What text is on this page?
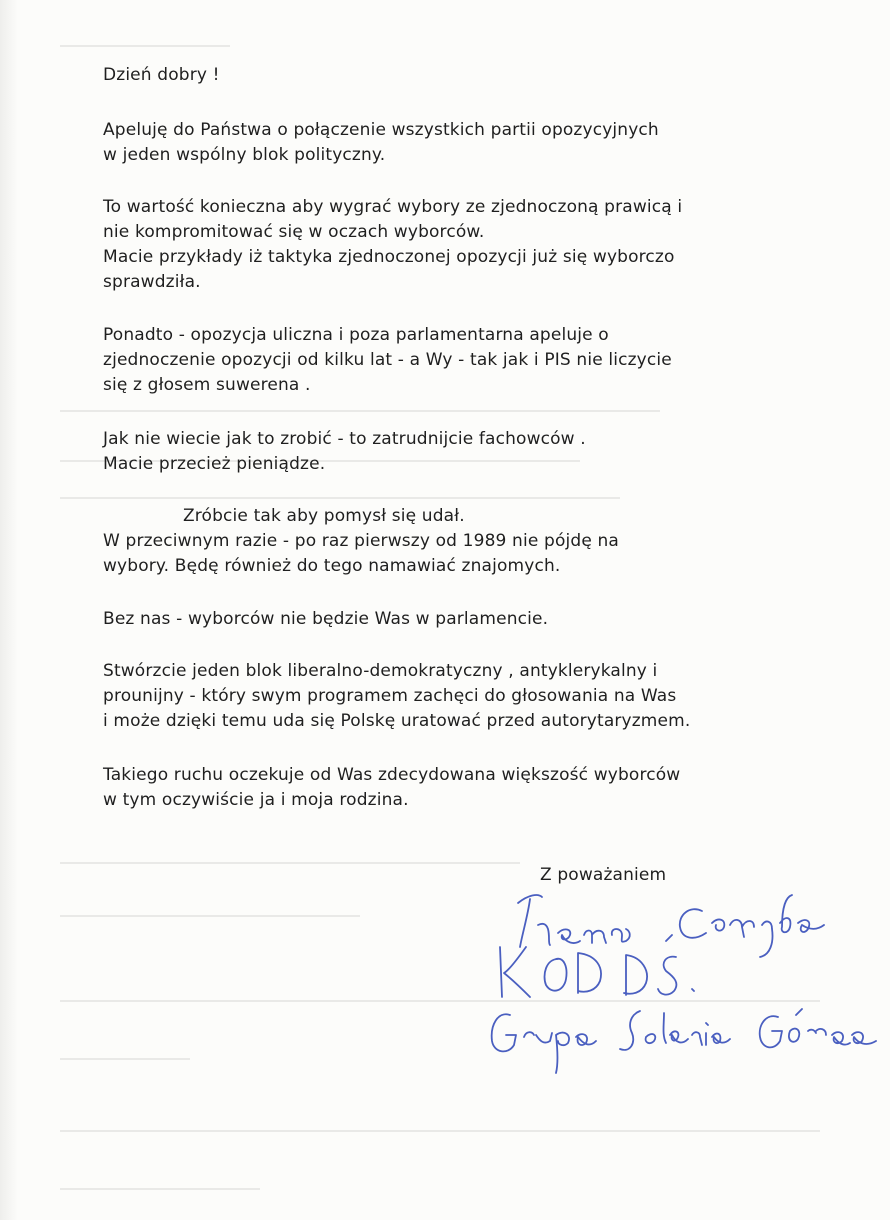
Dzień dobry !

Apeluję do Państwa o połączenie wszystkich partii opozycyjnych
w jeden wspólny blok polityczny.

To wartość konieczna aby wygrać wybory ze zjednoczoną prawicą i
nie kompromitować się w oczach wyborców.
Macie przykłady iż taktyka zjednoczonej opozycji już się wyborczo
sprawdziła.

Ponadto - opozycja uliczna i poza parlamentarna apeluje o
zjednoczenie opozycji od kilku lat - a Wy - tak jak i PIS nie liczycie
się z głosem suwerena .

Jak nie wiecie jak to zrobić - to zatrudnijcie fachowców .
Macie przecież pieniądze.

Zróbcie tak aby pomysł się udał.
W przeciwnym razie - po raz pierwszy od 1989 nie pójdę na
wybory. Będę również do tego namawiać znajomych.

Bez nas - wyborców nie będzie Was w parlamencie.

Stwórzcie jeden blok liberalno-demokratyczny , antyklerykalny i
prounijny - który swym programem zachęci do głosowania na Was
i może dzięki temu uda się Polskę uratować przed autorytaryzmem.

Takiego ruchu oczekuje od Was zdecydowana większość wyborców
w tym oczywiście ja i moja rodzina.

Z poważaniem
